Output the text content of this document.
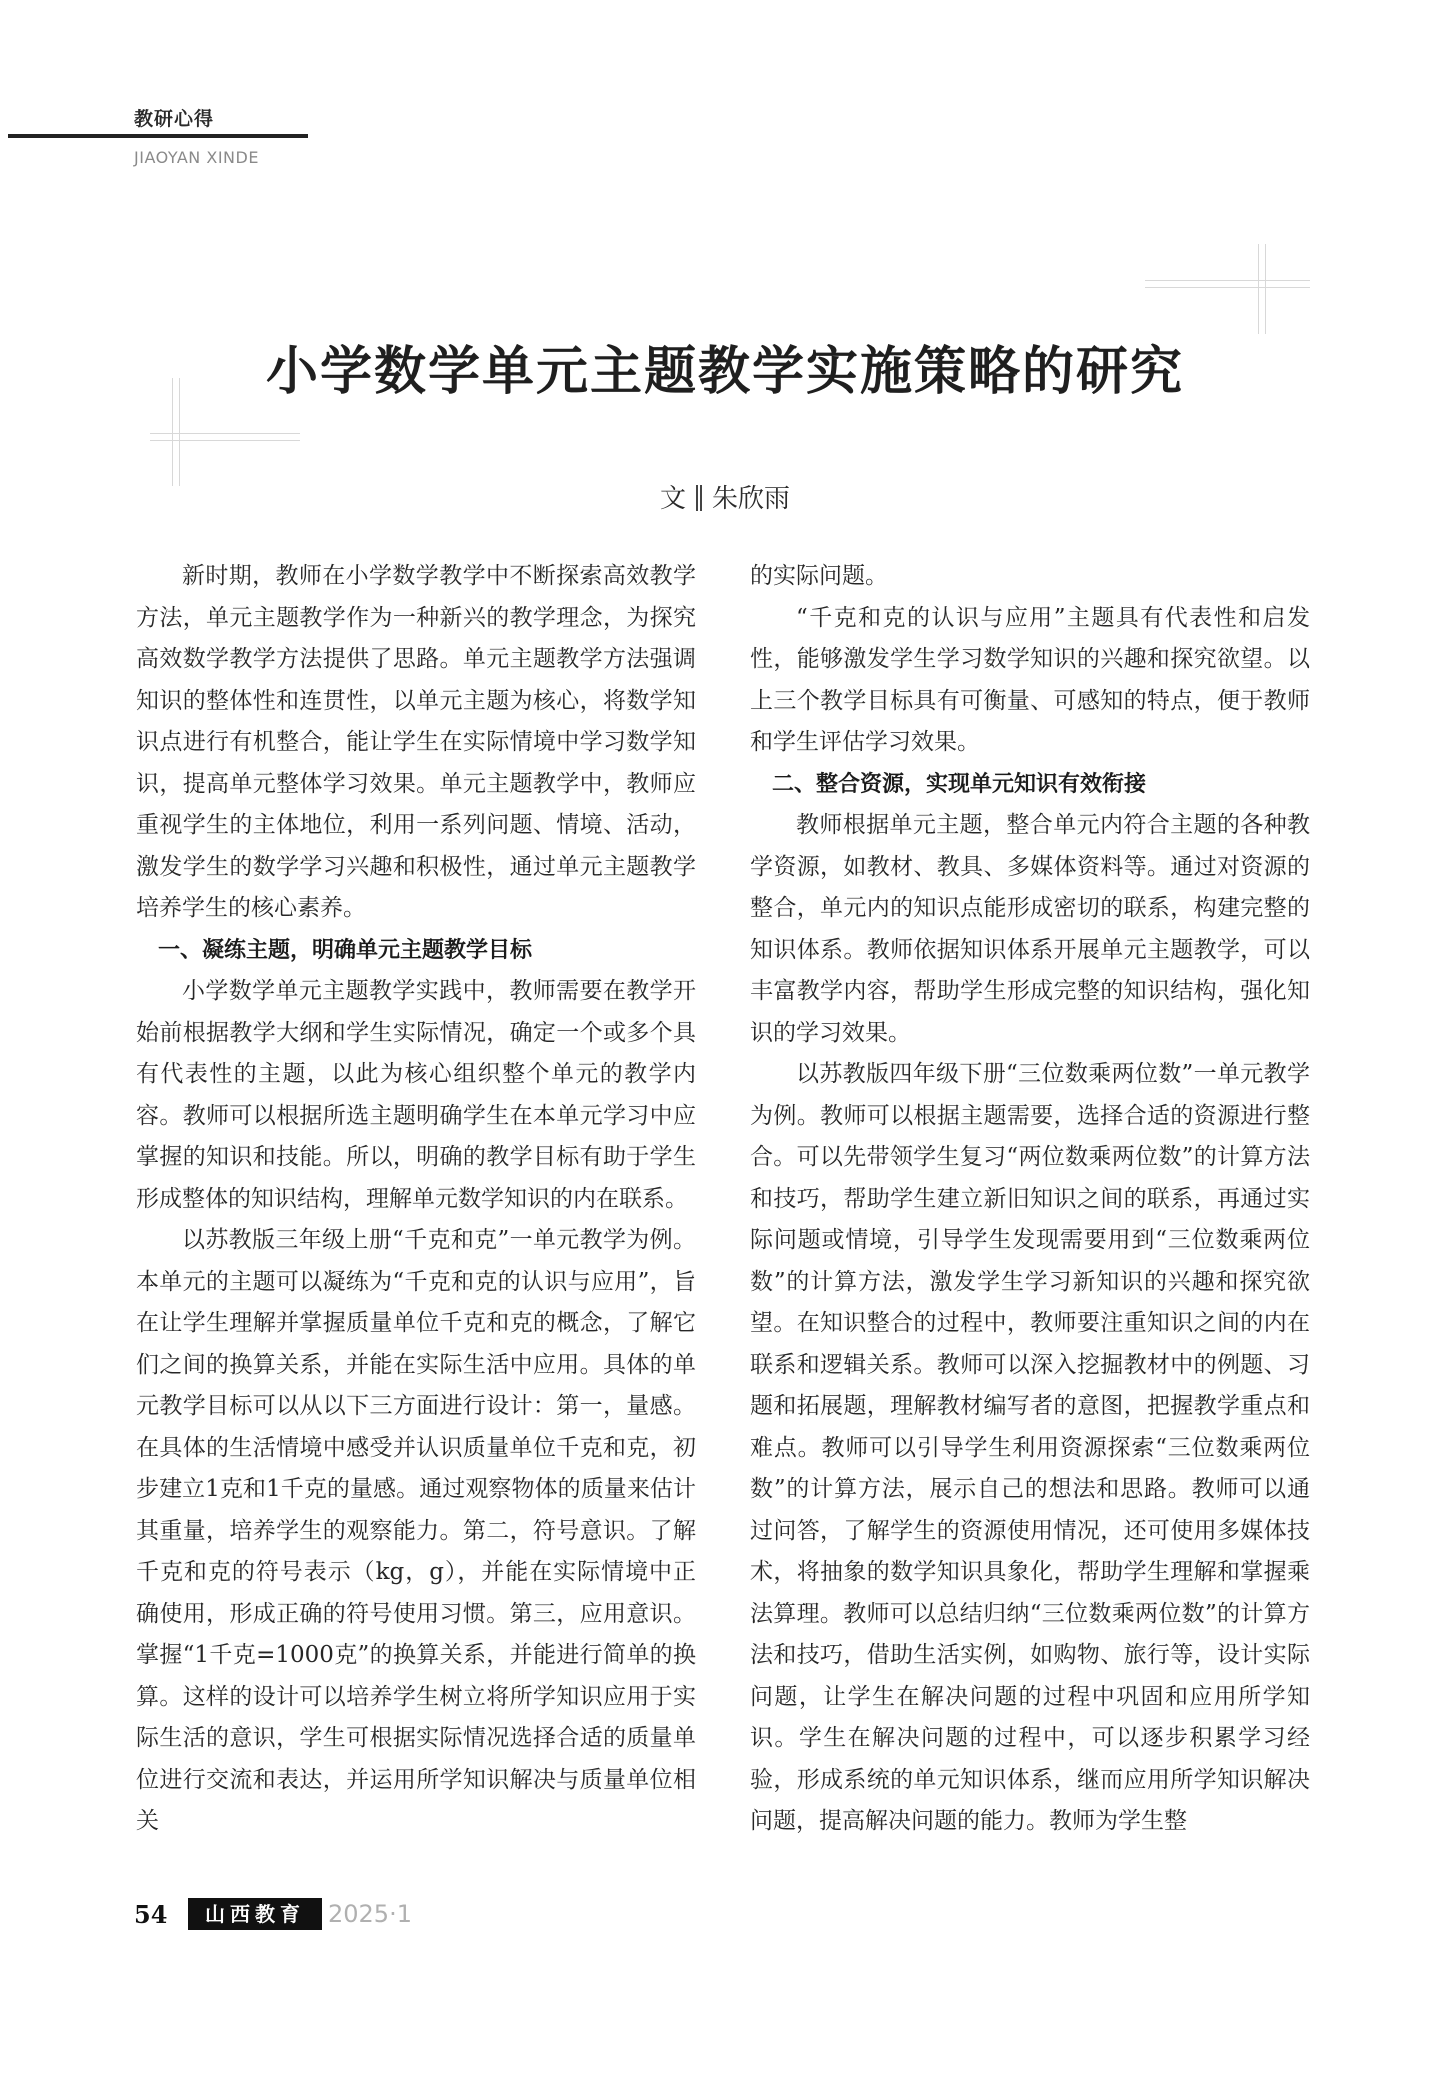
教研心得
JIAOYAN XINDE
小学数学单元主题教学实施策略的研究
文 朱欣雨

新时期，教师在小学数学教学中不断探索高效教学方法，单元主题教学作为一种新兴的教学理念，为探究高效数学教学方法提供了思路。单元主题教学方法强调知识的整体性和连贯性，以单元主题为核心，将数学知识点进行有机整合，能让学生在实际情境中学习数学知识，提高单元整体学习效果。单元主题教学中，教师应重视学生的主体地位，利用一系列问题、情境、活动，激发学生的数学学习兴趣和积极性，通过单元主题教学培养学生的核心素养。

一、凝练主题，明确单元主题教学目标

小学数学单元主题教学实践中，教师需要在教学开始前根据教学大纲和学生实际情况，确定一个或多个具有代表性的主题，以此为核心组织整个单元的教学内容。教师可以根据所选主题明确学生在本单元学习中应掌握的知识和技能。所以，明确的教学目标有助于学生形成整体的知识结构，理解单元数学知识的内在联系。

以苏教版三年级上册“千克和克”一单元教学为例。本单元的主题可以凝练为“千克和克的认识与应用”，旨在让学生理解并掌握质量单位千克和克的概念，了解它们之间的换算关系，并能在实际生活中应用。具体的单元教学目标可以从以下三方面进行设计：第一，量感。在具体的生活情境中感受并认识质量单位千克和克，初步建立1克和1千克的量感。通过观察物体的质量来估计其重量，培养学生的观察能力。第二，符号意识。了解千克和克的符号表示（kg，g），并能在实际情境中正确使用，形成正确的符号使用习惯。第三，应用意识。掌握“1千克=1000克”的换算关系，并能进行简单的换算。这样的设计可以培养学生树立将所学知识应用于实际生活的意识，学生可根据实际情况选择合适的质量单位进行交流和表达，并运用所学知识解决与质量单位相关

的实际问题。

“千克和克的认识与应用”主题具有代表性和启发性，能够激发学生学习数学知识的兴趣和探究欲望。以上三个教学目标具有可衡量、可感知的特点，便于教师和学生评估学习效果。

二、整合资源，实现单元知识有效衔接

教师根据单元主题，整合单元内符合主题的各种教学资源，如教材、教具、多媒体资料等。通过对资源的整合，单元内的知识点能形成密切的联系，构建完整的知识体系。教师依据知识体系开展单元主题教学，可以丰富教学内容，帮助学生形成完整的知识结构，强化知识的学习效果。

以苏教版四年级下册“三位数乘两位数”一单元教学为例。教师可以根据主题需要，选择合适的资源进行整合。可以先带领学生复习“两位数乘两位数”的计算方法和技巧，帮助学生建立新旧知识之间的联系，再通过实际问题或情境，引导学生发现需要用到“三位数乘两位数”的计算方法，激发学生学习新知识的兴趣和探究欲望。在知识整合的过程中，教师要注重知识之间的内在联系和逻辑关系。教师可以深入挖掘教材中的例题、习题和拓展题，理解教材编写者的意图，把握教学重点和难点。教师可以引导学生利用资源探索“三位数乘两位数”的计算方法，展示自己的想法和思路。教师可以通过问答，了解学生的资源使用情况，还可使用多媒体技术，将抽象的数学知识具象化，帮助学生理解和掌握乘法算理。教师可以总结归纳“三位数乘两位数”的计算方法和技巧，借助生活实例，如购物、旅行等，设计实际问题，让学生在解决问题的过程中巩固和应用所学知识。学生在解决问题的过程中，可以逐步积累学习经验，形成系统的单元知识体系，继而应用所学知识解决问题，提高解决问题的能力。教师为学生整

54	山西教育 2025·1
